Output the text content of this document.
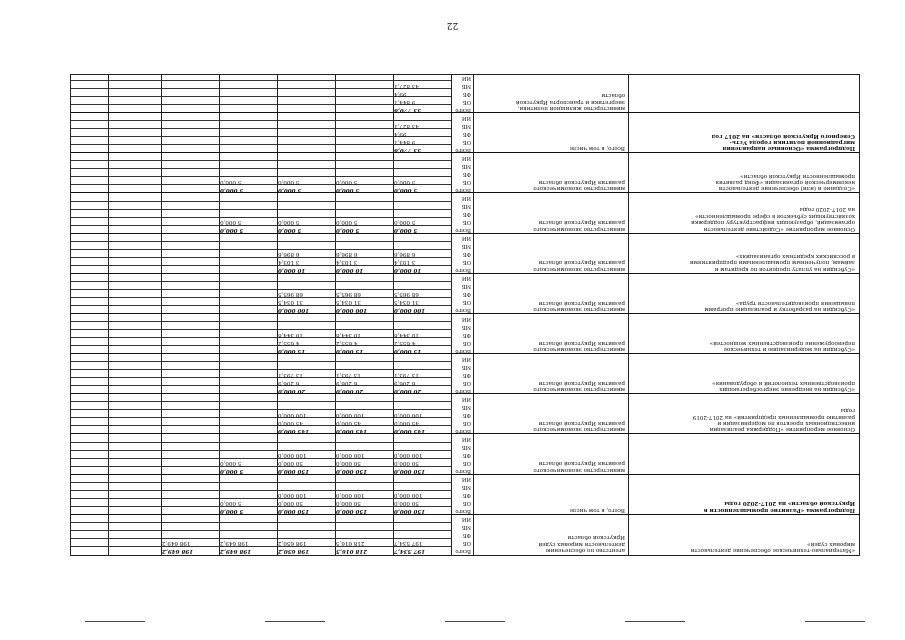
22
Всего
ОБ
ФБ
МБ
ИИ
«Материально-техническое обеспечение деятельности
мировых судей»
агентство по обеспечению
деятельности мировых судей
Иркутской области
197 534,7
218 016,5
198 650,2
198 649,2
198 649,2
197 534,7
218 016,5
198 650,2
198 649,2
198 649,2
Всего
ОБ
ФБ
МБ
ИИ
Подпрограмма «Развитие промышленности в
Иркутской области» на 2017-2020 годы
Всего, в том числе
150 000,0
150 000,0
150 000,0
5 000,0
50 000,0
50 000,0
50 000,0
5 000,0
100 000,0
100 000,0
100 000,0
Всего
ОБ
ФБ
МБ
ИИ
министерство экономического
развития Иркутской области
150 000,0
150 000,0
150 000,0
5 000,0
50 000,0
50 000,0
50 000,0
5 000,0
100 000,0
100 000,0
100 000,0
Всего
ОБ
ФБ
МБ
ИИ
Основное мероприятие «Поддержка реализации
инвестиционных проектов по модернизации и
развитию промышленных предприятий» на 2017-2019
годы
министерство экономического
развития Иркутской области
145 000,0
145 000,0
145 000,0
45 000,0
45 000,0
45 000,0
100 000,0
100 000,0
100 000,0
Всего
ОБ
ФБ
МБ
ИИ
«Субсидии на внедрение энергосберегающих
производственных технологий и оборудования»
министерство экономического
развития Иркутской области
20 000,0
20 000,0
20 000,0
6 206,9
6 206,9
6 206,9
13 793,1
13 793,1
13 793,1
Всего
ОБ
ФБ
МБ
ИИ
«Субсидии на модернизацию и техническое
перевооружение производственных мощностей»
министерство экономического
развития Иркутской области
15 000,0
15 000,0
15 000,0
4 655,2
4 655,2
4 655,2
10 344,8
10 344,8
10 344,8
Всего
ОБ
ФБ
МБ
ИИ
«Субсидии на разработку и реализацию программ
повышения производительности труда»
министерство экономического
развития Иркутской области
100 000,0
100 000,0
100 000,0
31 034,5
31 034,5
31 034,5
68 965,5
68 965,5
68 965,5
Всего
ОБ
ФБ
МБ
ИИ
«Субсидии на уплату процентов по кредитам и
займам, полученным промышленными предприятиями
в российских кредитных организациях»
министерство экономического
развития Иркутской области
10 000,0
10 000,0
10 000,0
3 103,4
3 103,4
3 103,4
6 896,6
6 896,6
6 896,6
Всего
ОБ
ФБ
МБ
ИИ
Основное мероприятие «Содействие деятельности
организаций, образующих инфраструктуру поддержки
хозяйствующих субъектов в сфере промышленности»
на 2017-2020 годы
министерство экономического
развития Иркутской области
5 000,0
5 000,0
5 000,0
5 000,0
5 000,0
5 000,0
5 000,0
5 000,0
Всего
ОБ
ФБ
МБ
ИИ
«Создание и (или) обеспечение деятельности
некоммерческой организации «Фонд развития
промышленности Иркутской области»
министерство экономического
развития Иркутской области
5 000,0
5 000,0
5 000,0
5 000,0
5 000,0
5 000,0
5 000,0
5 000,0
Всего
ОБ
ФБ
МБ
ИИ
Подпрограмма «Основные направления
миграционной политики города Усть-
Северного Иркутской области» на 2017 год
Всего, в том числе
53 770,6
9 844,1
99,4
43 827,1
Всего
ОБ
ФБ
МБ
ИИ
министерство жилищной политики,
энергетики и транспорта Иркутской
области
53 770,6
9 844,1
99,4
43 827,1
